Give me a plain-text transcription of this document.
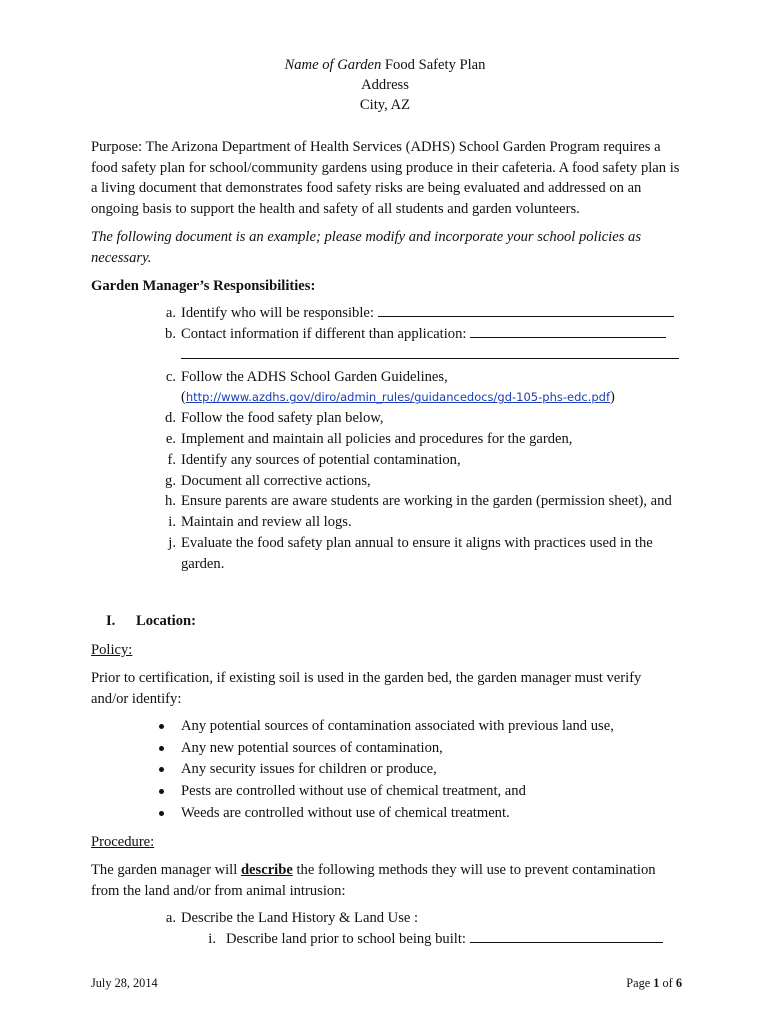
Name of Garden Food Safety Plan
Address
City, AZ

Purpose: The Arizona Department of Health Services (ADHS) School Garden Program requires a food safety plan for school/community gardens using produce in their cafeteria. A food safety plan is a living document that demonstrates food safety risks are being evaluated and addressed on an ongoing basis to support the health and safety of all students and garden volunteers.

The following document is an example; please modify and incorporate your school policies as necessary.

Garden Manager’s Responsibilities:

a. Identify who will be responsible:
b. Contact information if different than application:
c. Follow the ADHS School Garden Guidelines,
(http://www.azdhs.gov/diro/admin_rules/guidancedocs/gd-105-phs-edc.pdf)
d. Follow the food safety plan below,
e. Implement and maintain all policies and procedures for the garden,
f. Identify any sources of potential contamination,
g. Document all corrective actions,
h. Ensure parents are aware students are working in the garden (permission sheet), and
i. Maintain and review all logs.
j. Evaluate the food safety plan annual to ensure it aligns with practices used in the garden.
I. Location:

Policy:

Prior to certification, if existing soil is used in the garden bed, the garden manager must verify and/or identify:

Any potential sources of contamination associated with previous land use,
Any new potential sources of contamination,
Any security issues for children or produce,
Pests are controlled without use of chemical treatment, and
Weeds are controlled without use of chemical treatment.

Procedure:

The garden manager will describe the following methods they will use to prevent contamination from the land and/or from animal intrusion:

a. Describe the Land History & Land Use :
i. Describe land prior to school being built:
July 28, 2014	Page 1 of 6
